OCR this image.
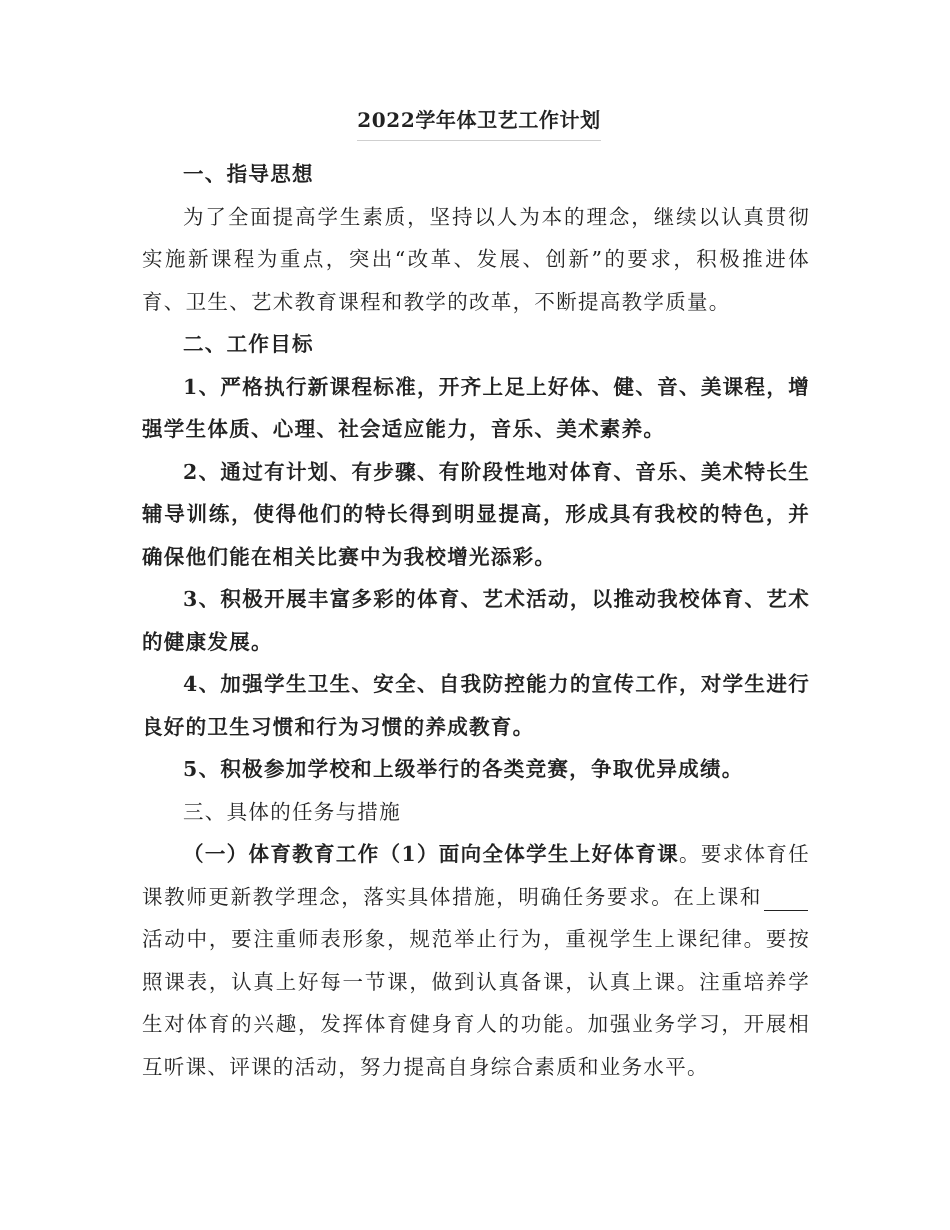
2022学年体卫艺工作计划

一、指导思想

为了全面提高学生素质，坚持以人为本的理念，继续以认真贯彻实施新课程为重点，突出“改革、发展、创新”的要求，积极推进体育、卫生、艺术教育课程和教学的改革，不断提高教学质量。

二、工作目标

1、严格执行新课程标准，开齐上足上好体、健、音、美课程，增强学生体质、心理、社会适应能力，音乐、美术素养。

2、通过有计划、有步骤、有阶段性地对体育、音乐、美术特长生辅导训练，使得他们的特长得到明显提高，形成具有我校的特色，并确保他们能在相关比赛中为我校增光添彩。

3、积极开展丰富多彩的体育、艺术活动，以推动我校体育、艺术的健康发展。

4、加强学生卫生、安全、自我防控能力的宣传工作，对学生进行良好的卫生习惯和行为习惯的养成教育。

5、积极参加学校和上级举行的各类竞赛，争取优异成绩。

三、具体的任务与措施

（一）体育教育工作（1）面向全体学生上好体育课。要求体育任课教师更新教学理念，落实具体措施，明确任务要求。在上课和活动中，要注重师表形象，规范举止行为，重视学生上课纪律。要按照课表，认真上好每一节课，做到认真备课，认真上课。注重培养学生对体育的兴趣，发挥体育健身育人的功能。加强业务学习，开展相互听课、评课的活动，努力提高自身综合素质和业务水平。
